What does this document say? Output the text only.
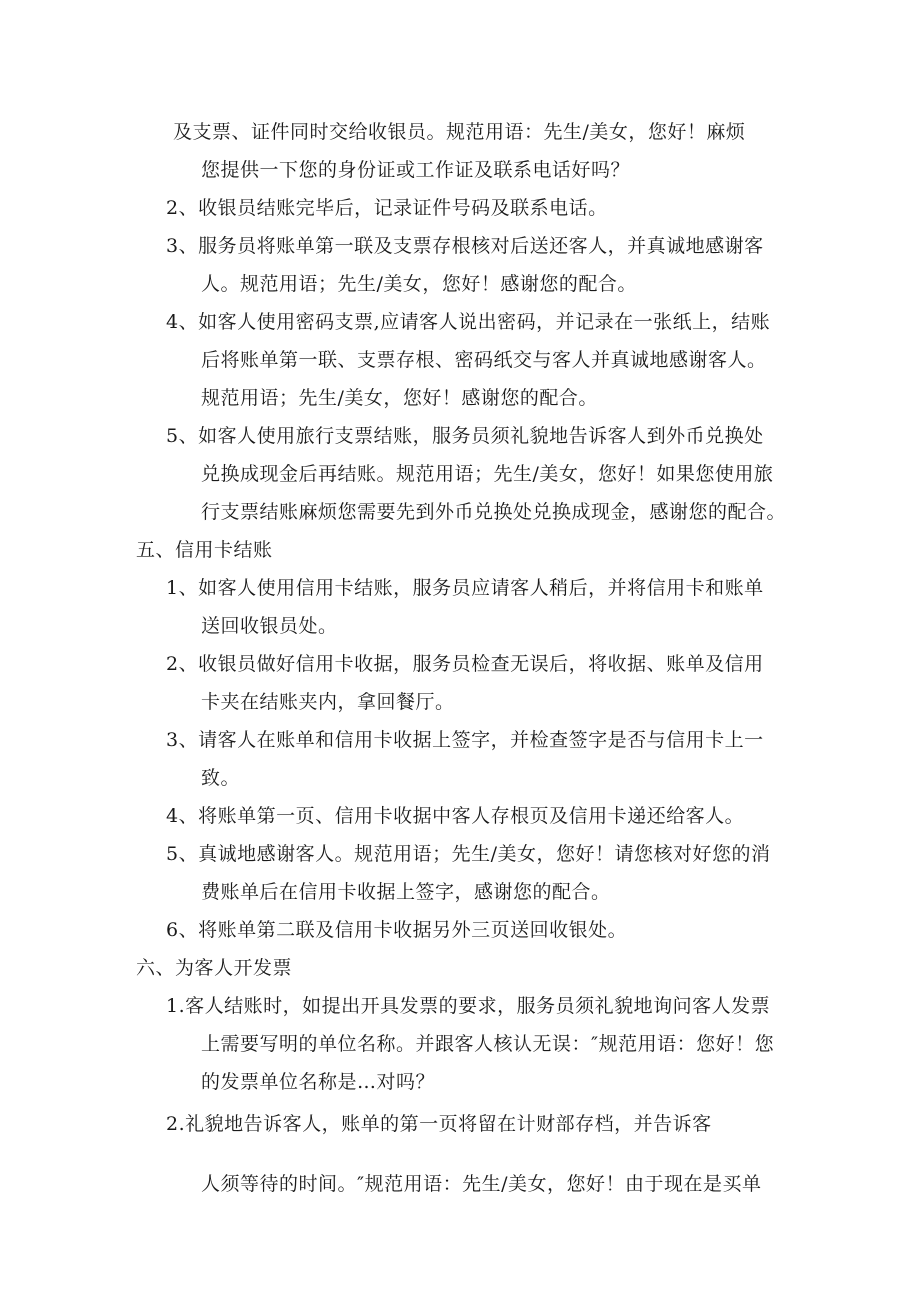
及支票、证件同时交给收银员。规范用语：先生/美女，您好！麻烦
您提供一下您的身份证或工作证及联系电话好吗？
2、收银员结账完毕后，记录证件号码及联系电话。
3、服务员将账单第一联及支票存根核对后送还客人，并真诚地感谢客
人。规范用语；先生/美女，您好！感谢您的配合。
4、如客人使用密码支票,应请客人说出密码，并记录在一张纸上，结账
后将账单第一联、支票存根、密码纸交与客人并真诚地感谢客人。
规范用语；先生/美女，您好！感谢您的配合。
5、如客人使用旅行支票结账，服务员须礼貌地告诉客人到外币兑换处
兑换成现金后再结账。规范用语；先生/美女，您好！如果您使用旅
行支票结账麻烦您需要先到外币兑换处兑换成现金，感谢您的配合。
五、信用卡结账
1、如客人使用信用卡结账，服务员应请客人稍后，并将信用卡和账单
送回收银员处。
2、收银员做好信用卡收据，服务员检查无误后，将收据、账单及信用
卡夹在结账夹内，拿回餐厅。
3、请客人在账单和信用卡收据上签字，并检查签字是否与信用卡上一
致。
4、将账单第一页、信用卡收据中客人存根页及信用卡递还给客人。
5、真诚地感谢客人。规范用语；先生/美女，您好！请您核对好您的消
费账单后在信用卡收据上签字，感谢您的配合。
6、将账单第二联及信用卡收据另外三页送回收银处。
六、为客人开发票
1.客人结账时，如提出开具发票的要求，服务员须礼貌地询问客人发票
上需要写明的单位名称。并跟客人核认无误：″规范用语：您好！您
的发票单位名称是…对吗？
2.礼貌地告诉客人，账单的第一页将留在计财部存档，并告诉客
人须等待的时间。″规范用语：先生/美女，您好！由于现在是买单
